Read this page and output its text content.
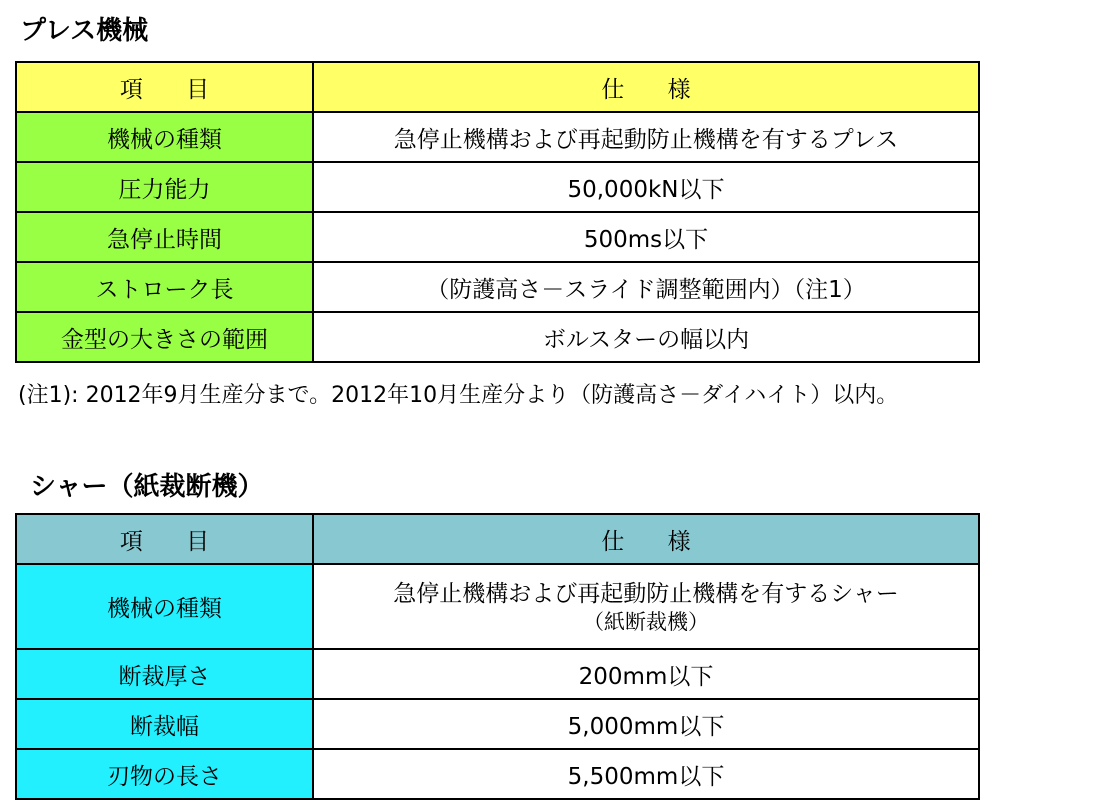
プレス機械
項 目	仕 様
機械の種類	急停止機構および再起動防止機構を有するプレス
圧力能力	50,000kN以下
急停止時間	500ms以下
ストローク長	（防護高さ－スライド調整範囲内）（注1）
金型の大きさの範囲	ボルスターの幅以内
(注1): 2012年9月生産分まで。2012年10月生産分より（防護高さ－ダイハイト）以内。
シャー（紙裁断機）
項 目	仕 様
機械の種類	急停止機構および再起動防止機構を有するシャー
（紙断裁機）

断裁厚さ	200mm以下
断裁幅	5,000mm以下
刃物の長さ	5,500mm以下
